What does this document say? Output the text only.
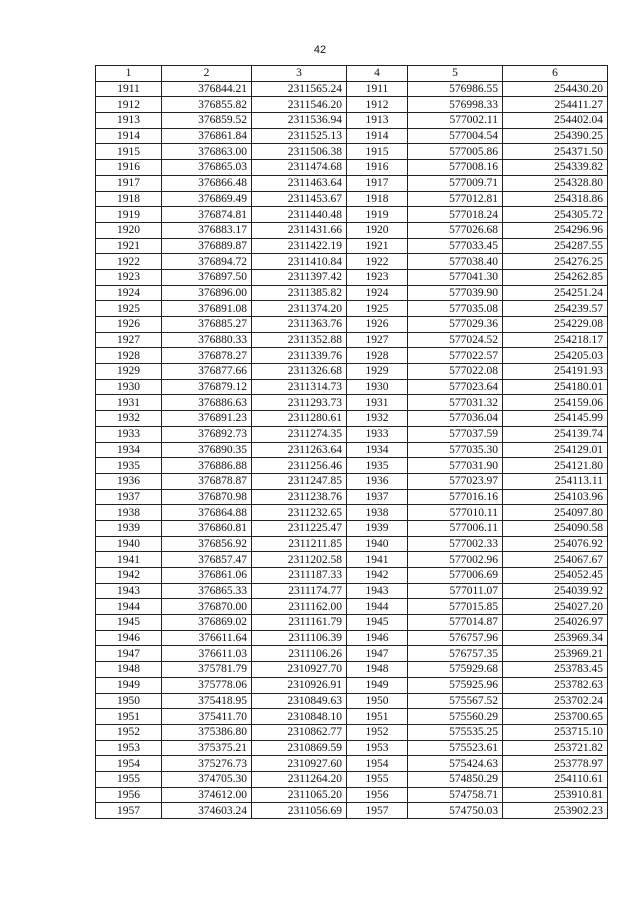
42
1	2	3	4	5	6
1911	376844.21	2311565.24	1911	576986.55	254430.20
1912	376855.82	2311546.20	1912	576998.33	254411.27
1913	376859.52	2311536.94	1913	577002.11	254402.04
1914	376861.84	2311525.13	1914	577004.54	254390.25
1915	376863.00	2311506.38	1915	577005.86	254371.50
1916	376865.03	2311474.68	1916	577008.16	254339.82
1917	376866.48	2311463.64	1917	577009.71	254328.80
1918	376869.49	2311453.67	1918	577012.81	254318.86
1919	376874.81	2311440.48	1919	577018.24	254305.72
1920	376883.17	2311431.66	1920	577026.68	254296.96
1921	376889.87	2311422.19	1921	577033.45	254287.55
1922	376894.72	2311410.84	1922	577038.40	254276.25
1923	376897.50	2311397.42	1923	577041.30	254262.85
1924	376896.00	2311385.82	1924	577039.90	254251.24
1925	376891.08	2311374.20	1925	577035.08	254239.57
1926	376885.27	2311363.76	1926	577029.36	254229.08
1927	376880.33	2311352.88	1927	577024.52	254218.17
1928	376878.27	2311339.76	1928	577022.57	254205.03
1929	376877.66	2311326.68	1929	577022.08	254191.93
1930	376879.12	2311314.73	1930	577023.64	254180.01
1931	376886.63	2311293.73	1931	577031.32	254159.06
1932	376891.23	2311280.61	1932	577036.04	254145.99
1933	376892.73	2311274.35	1933	577037.59	254139.74
1934	376890.35	2311263.64	1934	577035.30	254129.01
1935	376886.88	2311256.46	1935	577031.90	254121.80
1936	376878.87	2311247.85	1936	577023.97	254113.11
1937	376870.98	2311238.76	1937	577016.16	254103.96
1938	376864.88	2311232.65	1938	577010.11	254097.80
1939	376860.81	2311225.47	1939	577006.11	254090.58
1940	376856.92	2311211.85	1940	577002.33	254076.92
1941	376857.47	2311202.58	1941	577002.96	254067.67
1942	376861.06	2311187.33	1942	577006.69	254052.45
1943	376865.33	2311174.77	1943	577011.07	254039.92
1944	376870.00	2311162.00	1944	577015.85	254027.20
1945	376869.02	2311161.79	1945	577014.87	254026.97
1946	376611.64	2311106.39	1946	576757.96	253969.34
1947	376611.03	2311106.26	1947	576757.35	253969.21
1948	375781.79	2310927.70	1948	575929.68	253783.45
1949	375778.06	2310926.91	1949	575925.96	253782.63
1950	375418.95	2310849.63	1950	575567.52	253702.24
1951	375411.70	2310848.10	1951	575560.29	253700.65
1952	375386.80	2310862.77	1952	575535.25	253715.10
1953	375375.21	2310869.59	1953	575523.61	253721.82
1954	375276.73	2310927.60	1954	575424.63	253778.97
1955	374705.30	2311264.20	1955	574850.29	254110.61
1956	374612.00	2311065.20	1956	574758.71	253910.81
1957	374603.24	2311056.69	1957	574750.03	253902.23
